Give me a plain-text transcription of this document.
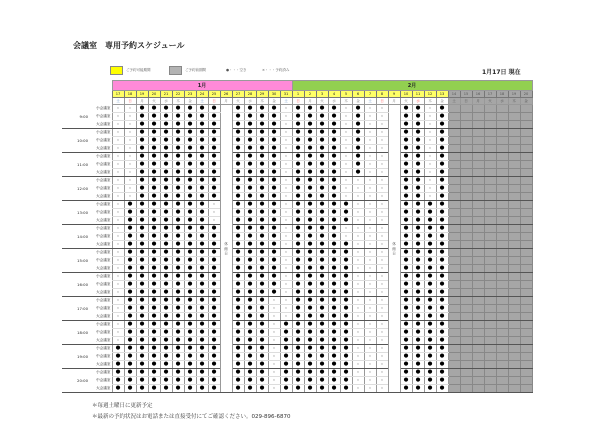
会議室　専用予約スケジュール
1月17日 現在
ご予約可能期間	ご予約前期間	●・・・空き	×・・・予約済み
		1月															2月																			
		17	18	19	20	21	22	23	24	25	26	27	28	29	30	31	1	2	3	4	5	6	7	8	9	10	11	12	13	14	15	16	17	18	19	20
		土	日	月	火	水	木	金	土	日	月	火	水	木	金	土	日	月	火	水	木	金	土	日	月	火	水	木	金	土	日	月	火	水	木	金
9:00	小会議室	×	×	●	●	●	●	●	●	●	休館日	●	●	●	●	×	●	●	●	●	×	●	×	×	休館日	●	●	×	●							
	中会議室	×	×	●	●	●	●	●	●	●		●	●	●	●	×	●	●	●	●	×	●	×	×		●	●	×	●							
	大会議室	×	×	●	●	●	●	●	●	●		●	●	●	●	×	●	●	●	●	×	●	×	×		●	●	×	●							
10:00	小会議室	×	×	●	●	●	●	●	●	●		●	●	●	●	×	●	●	●	●	×	●	×	×		●	●	×	●							
	中会議室	×	×	●	●	●	●	●	●	●		●	●	●	●	×	●	●	●	●	×	●	×	×		●	●	×	●							
	大会議室	×	×	●	●	●	●	●	●	●		●	●	●	●	×	●	●	●	●	×	●	×	×		●	●	×	●							
11:00	小会議室	×	×	●	●	●	●	●	●	●		●	●	●	●	×	●	●	●	●	×	●	×	×		●	●	×	●							
	中会議室	×	×	●	●	●	●	●	●	●		●	●	●	●	×	●	●	●	●	×	●	×	×		●	●	×	●							
	大会議室	×	×	●	●	●	●	●	●	●		●	●	●	●	×	●	●	●	●	×	●	×	×		●	●	×	●							
12:00	小会議室	×	×	●	●	●	●	●	●	●		●	●	●	●	×	●	●	●	●	×	×	×	×		●	●	×	●							
	中会議室	×	×	●	●	●	●	●	●	●		●	●	●	●	×	●	●	●	●	×	×	×	×		●	●	×	●							
	大会議室	×	×	●	●	●	●	●	●	●		●	●	●	●	×	●	●	●	●	×	×	×	×		●	●	×	●							
13:00	小会議室	×	●	●	●	●	●	●	●	×		●	●	●	●	×	●	●	●	●	●	×	×	×		●	●	●	●							
	中会議室	×	●	●	●	●	●	●	●	×		●	●	●	●	×	●	●	●	●	●	×	×	×		●	●	●	●							
	大会議室	×	●	●	●	●	●	●	●	×		●	●	●	●	×	●	●	●	●	●	×	×	×		●	●	●	●							
14:00	小会議室	×	●	●	●	●	●	●	●	●		●	●	●	●	×	●	●	●	●	×	×	×	×		●	●	●	●							
	中会議室	×	●	●	●	●	●	●	●	●		●	●	●	●	×	●	●	●	●	×	×	×	×		●	●	●	●							
	大会議室	×	●	●	●	●	●	●	●	●		●	●	●	●	×	●	●	●	●	●	×	×	×		●	●	●	●							
15:00	小会議室	×	●	●	●	●	●	●	●	●		●	●	●	●	×	●	●	●	●	●	×	×	×		●	●	●	●							
	中会議室	×	●	●	●	●	●	●	●	●		●	●	●	●	×	●	●	●	●	●	×	×	×		●	●	●	●							
	大会議室	×	●	●	●	●	●	●	●	●		●	●	●	●	×	●	●	●	●	●	×	×	×		●	●	●	●							
16:00	小会議室	×	●	●	●	●	●	●	●	●		●	●	●	●	×	●	●	●	●	●	×	×	×		●	●	●	●							
	中会議室	×	●	●	●	●	●	●	●	●		●	●	●	●	×	●	●	●	●	●	×	×	×		●	●	●	●							
	大会議室	×	●	●	●	●	●	●	●	●		●	●	●	●	×	●	●	●	●	●	×	×	×		●	●	●	●							
17:00	小会議室	×	●	●	●	●	●	●	●	●		●	●	●	×	×	●	●	●	●	●	×	×	×		●	●	●	●							
	中会議室	×	●	●	●	●	●	●	●	●		●	●	●	×	×	●	●	●	●	●	×	×	×		●	●	●	●							
	大会議室	×	●	●	●	●	●	●	●	●		●	●	●	×	×	●	●	●	●	●	×	×	×		●	●	●	●							
18:00	小会議室	×	●	●	●	●	●	●	●	●		●	●	●	×	●	●	●	●	●	●	×	×	×		●	●	●	●							
	中会議室	×	●	●	●	●	●	●	●	●		●	●	●	×	●	●	●	●	●	●	×	×	×		●	●	●	●							
	大会議室	×	●	●	●	●	●	●	●	●		●	●	●	×	●	●	●	●	●	●	×	×	×		●	●	●	●							
19:00	小会議室	●	●	●	●	●	●	●	●	●		●	●	●	×	●	●	●	●	●	●	×	×	×		●	●	●	●							
	中会議室	●	●	●	●	●	●	●	●	●		●	●	●	×	●	●	●	●	●	●	×	×	×		●	●	●	●							
	大会議室	●	●	●	●	●	●	●	●	●		●	●	●	×	●	●	●	●	●	●	×	×	×		●	●	●	●							
20:00	小会議室	●	●	●	●	●	●	●	●	●		●	●	●	×	●	●	●	●	●	●	×	×	×		●	●	●	●							
	中会議室	●	●	●	●	●	●	●	●	●		●	●	●	×	●	●	●	●	●	●	×	×	×		●	●	●	●							
	大会議室	●	●	●	●	●	●	●	●	●		●	●	●	×	●	●	●	●	●	●	×	×	×		●	●	●	●							
＊毎週土曜日に更新予定
＊最新の予約状況はお電話または直接受付にてご確認ください。029-896-6870
